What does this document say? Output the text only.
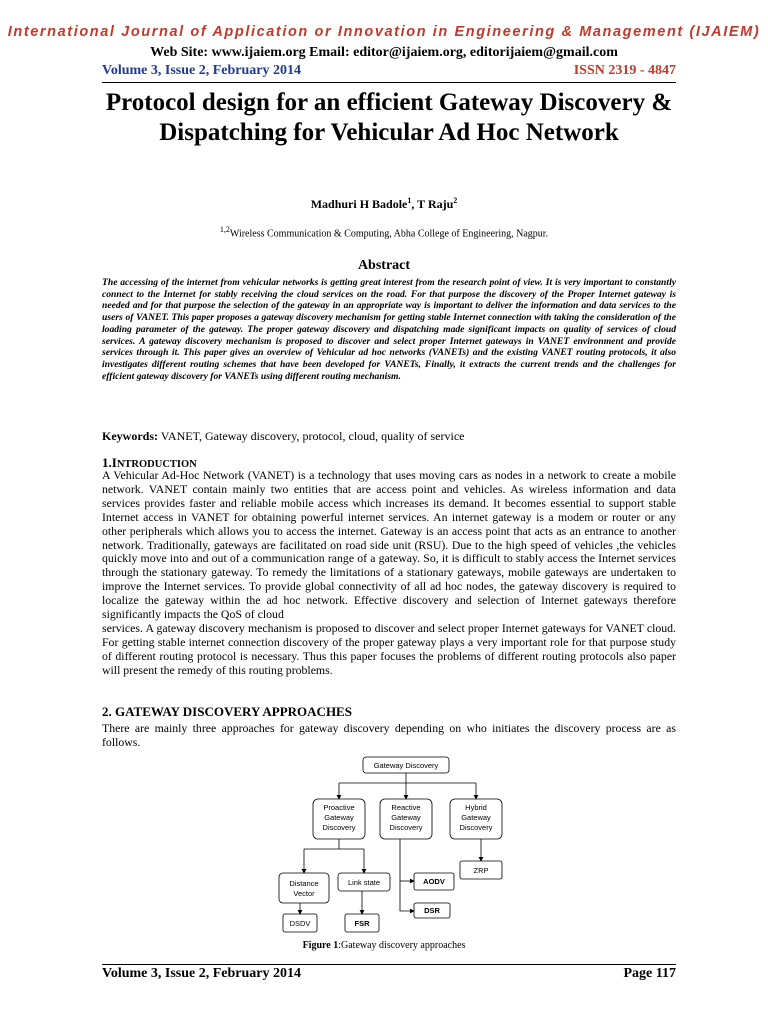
International Journal of Application or Innovation in Engineering & Management (IJAIEM)
Web Site: www.ijaiem.org Email: editor@ijaiem.org, editorijaiem@gmail.com
Volume 3, Issue 2, February 2014	ISSN 2319 - 4847
Protocol design for an efficient Gateway Discovery & Dispatching for Vehicular Ad Hoc Network
Madhuri H Badole$^1$, T Raju$^2$
$^{1,2}$Wireless Communication & Computing, Abha College of Engineering, Nagpur.
Abstract
The accessing of the internet from vehicular networks is getting great interest from the research point of view. It is very important to constantly connect to the Internet for stably receiving the cloud services on the road. For that purpose the discovery of the Proper Internet gateway is needed and for that purpose the selection of the gateway in an appropriate way is important to deliver the information and data services to the users of VANET. This paper proposes a gateway discovery mechanism for getting stable Internet connection with taking the consideration of the loading parameter of the gateway. The proper gateway discovery and dispatching made significant impacts on quality of services of cloud services. A gateway discovery mechanism is proposed to discover and select proper Internet gateways in VANET environment and provide services through it. This paper gives an overview of Vehicular ad hoc networks (VANETs) and the existing VANET routing protocols, it also investigates different routing schemes that have been developed for VANETs, Finally, it extracts the current trends and the challenges for efficient gateway discovery for VANETs using different routing mechanism.
Keywords: VANET, Gateway discovery, protocol, cloud, quality of service
1.INTRODUCTION
A Vehicular Ad-Hoc Network (VANET) is a technology that uses moving cars as nodes in a network to create a mobile network. VANET contain mainly two entities that are access point and vehicles. As wireless information and data services provides faster and reliable mobile access which increases its demand. It becomes essential to support stable Internet access in VANET for obtaining powerful internet services. An internet gateway is a modem or router or any other peripherals which allows you to access the internet. Gateway is an access point that acts as an entrance to another network. Traditionally, gateways are facilitated on road side unit (RSU). Due to the high speed of vehicles ,the vehicles quickly move into and out of a communication range of a gateway. So, it is difficult to stably access the Internet services through the stationary gateway. To remedy the limitations of a stationary gateways, mobile gateways are undertaken to improve the Internet services. To provide global connectivity of all ad hoc nodes, the gateway discovery is required to localize the gateway within the ad hoc network. Effective discovery and selection of Internet gateways therefore significantly impacts the QoS of cloud
services. A gateway discovery mechanism is proposed to discover and select proper Internet gateways for VANET cloud. For getting stable internet connection discovery of the proper gateway plays a very important role for that purpose study of different routing protocol is necessary. Thus this paper focuses the problems of different routing protocols also paper will present the remedy of this routing problems.
2. GATEWAY DISCOVERY APPROACHES
There are mainly three approaches for gateway discovery depending on who initiates the discovery process are as follows.
Gateway Discovery
Proactive
Gateway
Discovery
Reactive
Gateway
Discovery
Hybrid
Gateway
Discovery
Distance
Vector
Link state	AODV
DSR
ZRP
DSDV	FSR
Figure 1:Gateway discovery approaches
Volume 3, Issue 2, February 2014	Page 117
